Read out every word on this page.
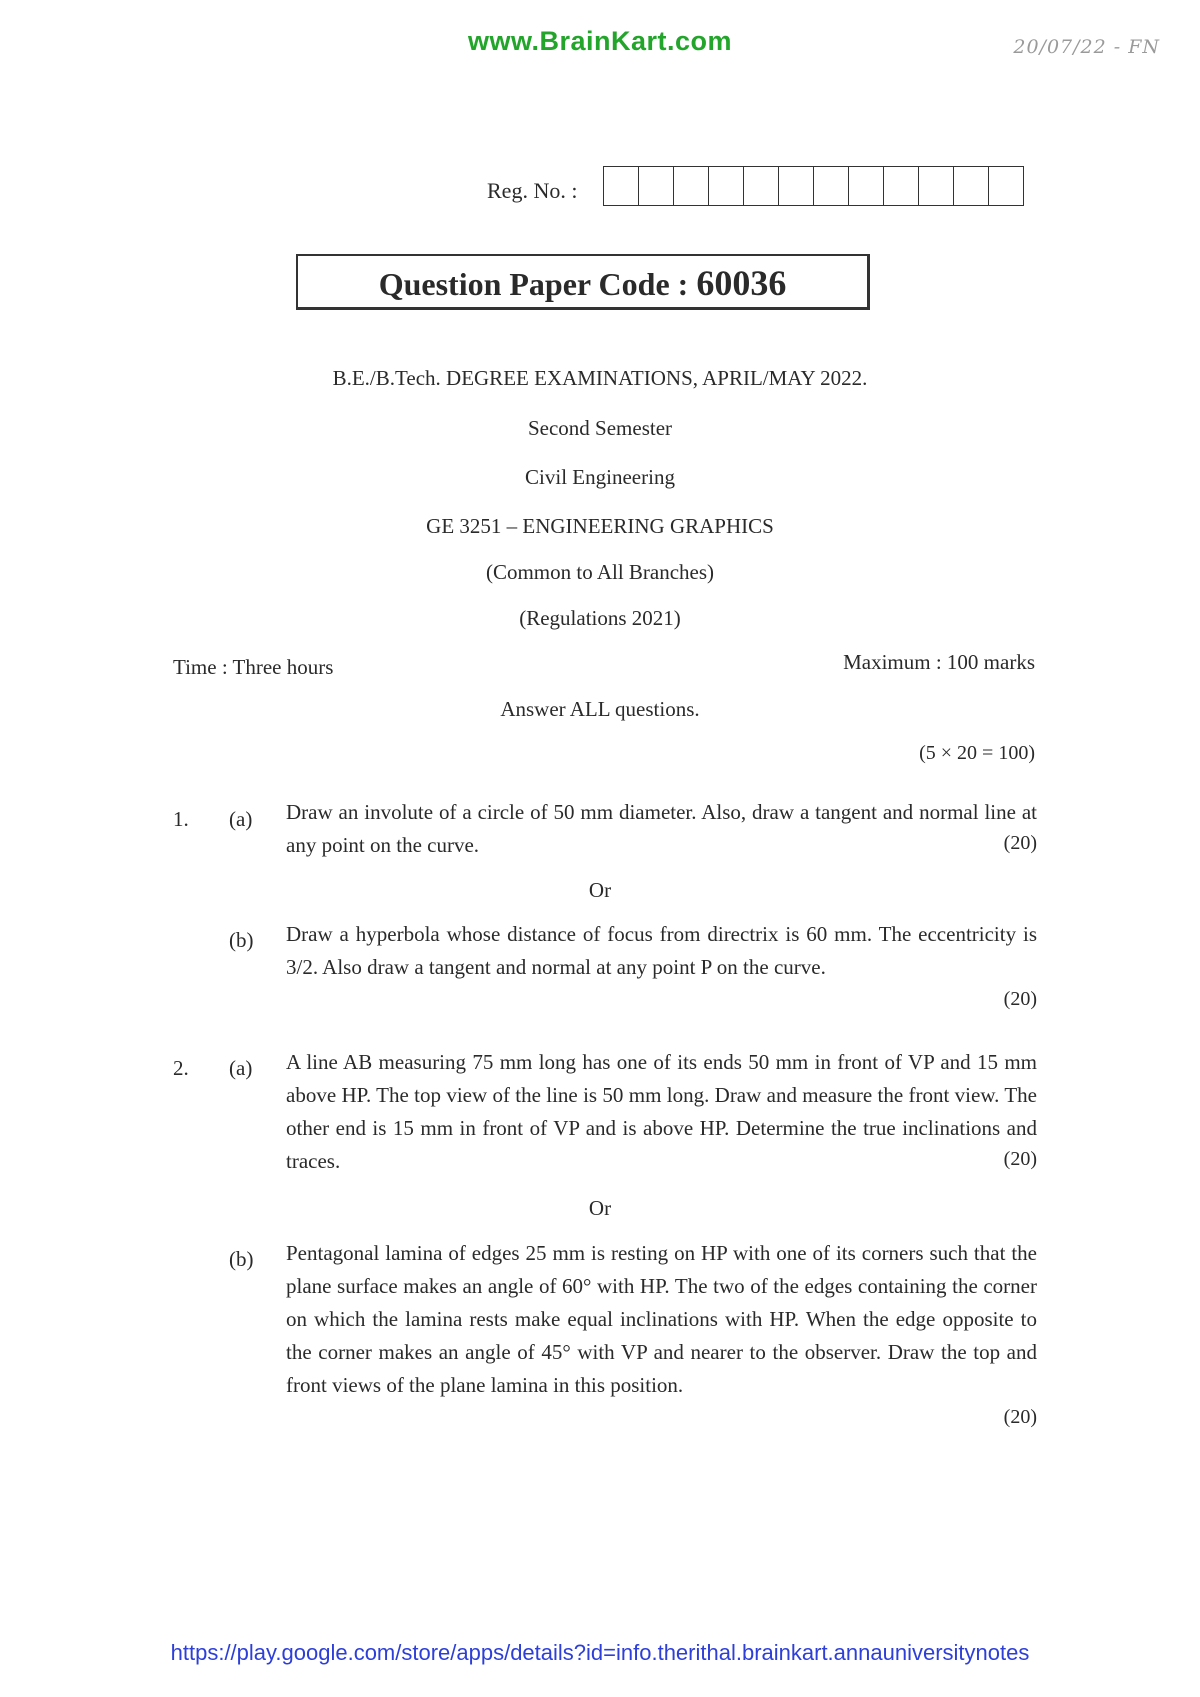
www.BrainKart.com	20/07/22 - FN
Reg. No. :
Question Paper Code : 60036
B.E./B.Tech. DEGREE EXAMINATIONS, APRIL/MAY 2022.
Second Semester
Civil Engineering
GE 3251 – ENGINEERING GRAPHICS
(Common to All Branches)
(Regulations 2021)
Time : Three hours	Maximum : 100 marks
Answer ALL questions.
(5 × 20 = 100)
1. (a) Draw an involute of a circle of 50 mm diameter. Also, draw a tangent and normal line at any point on the curve.	(20)
Or
(b) Draw a hyperbola whose distance of focus from directrix is 60 mm. The eccentricity is 3/2. Also draw a tangent and normal at any point P on the curve.
(20)
2. (a) A line AB measuring 75 mm long has one of its ends 50 mm in front of VP and 15 mm above HP. The top view of the line is 50 mm long. Draw and measure the front view. The other end is 15 mm in front of VP and is above HP. Determine the true inclinations and traces.	(20)
Or
(b) Pentagonal lamina of edges 25 mm is resting on HP with one of its corners such that the plane surface makes an angle of 60° with HP. The two of the edges containing the corner on which the lamina rests make equal inclinations with HP. When the edge opposite to the corner makes an angle of 45° with VP and nearer to the observer. Draw the top and front views of the plane lamina in this position.
(20)
https://play.google.com/store/apps/details?id=info.therithal.brainkart.annauniversitynotes
